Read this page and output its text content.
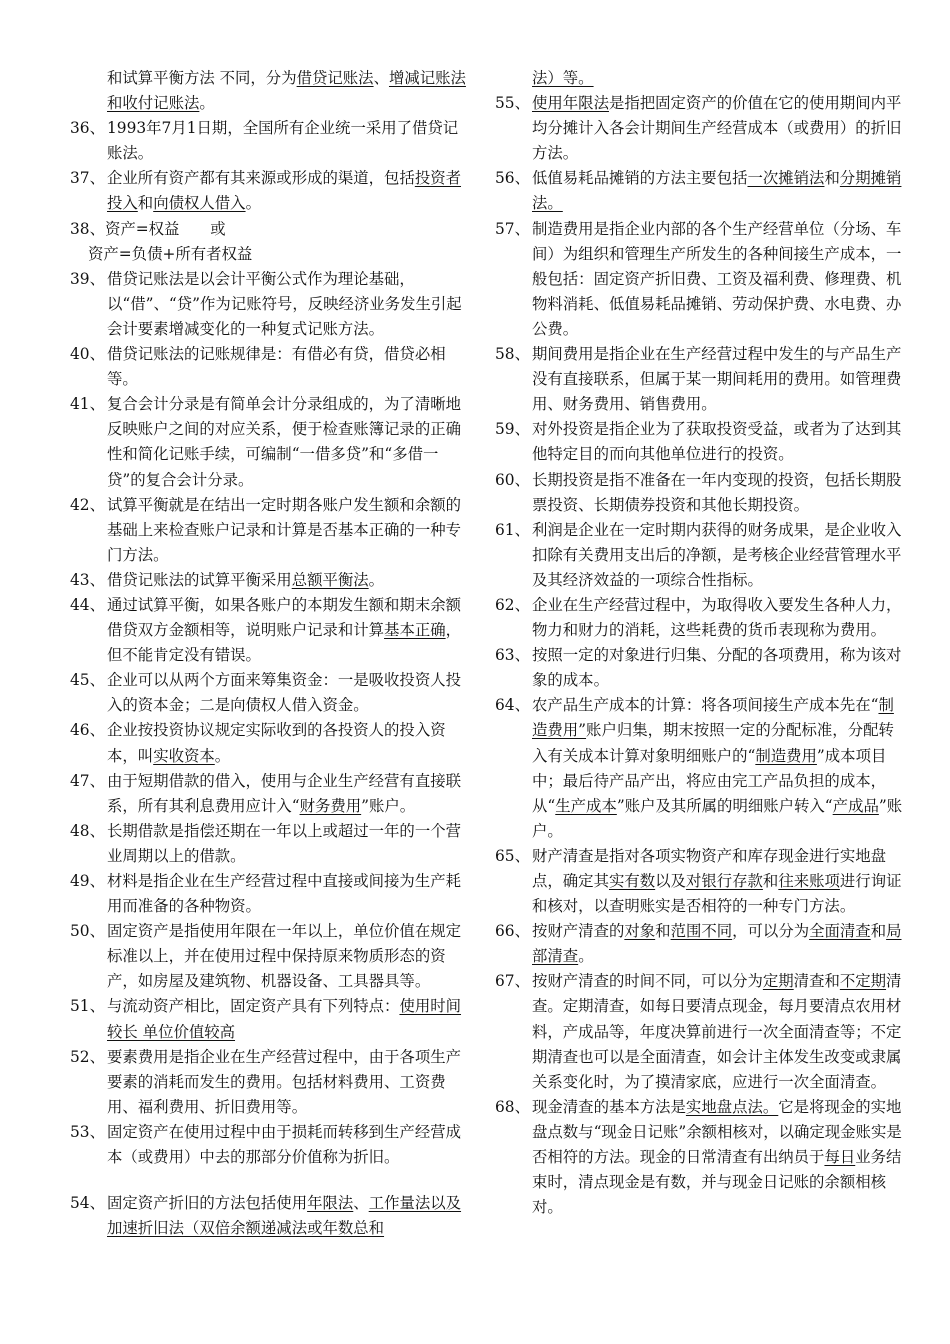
和试算平衡方法 不同，分为借贷记账法、增减记账法和收付记账法。
36、 1993年7月1日期，全国所有企业统一采用了借贷记账法。
37、 企业所有资产都有其来源或形成的渠道，包括投资者投入和向债权人借入。
38、资产=权益　　或
资产=负债+所有者权益
39、 借贷记账法是以会计平衡公式作为理论基础，以“借”、“贷”作为记账符号，反映经济业务发生引起会计要素增减变化的一种复式记账方法。
40、 借贷记账法的记账规律是：有借必有贷，借贷必相等。
41、 复合会计分录是有简单会计分录组成的，为了清晰地反映账户之间的对应关系，便于检查账簿记录的正确性和简化记账手续，可编制“一借多贷”和“多借一贷”的复合会计分录。
42、 试算平衡就是在结出一定时期各账户发生额和余额的基础上来检查账户记录和计算是否基本正确的一种专门方法。
43、 借贷记账法的试算平衡采用总额平衡法。
44、 通过试算平衡，如果各账户的本期发生额和期末余额借贷双方金额相等，说明账户记录和计算基本正确，但不能肯定没有错误。
45、 企业可以从两个方面来筹集资金：一是吸收投资人投入的资本金；二是向债权人借入资金。
46、 企业按投资协议规定实际收到的各投资人的投入资本，叫实收资本。
47、 由于短期借款的借入，使用与企业生产经营有直接联系，所有其利息费用应计入“财务费用”账户。
48、 长期借款是指偿还期在一年以上或超过一年的一个营业周期以上的借款。
49、 材料是指企业在生产经营过程中直接或间接为生产耗用而准备的各种物资。
50、 固定资产是指使用年限在一年以上，单位价值在规定标准以上，并在使用过程中保持原来物质形态的资产，如房屋及建筑物、机器设备、工具器具等。
51、 与流动资产相比，固定资产具有下列特点：使用时间较长 单位价值较高
52、 要素费用是指企业在生产经营过程中，由于各项生产要素的消耗而发生的费用。包括材料费用、工资费用、福利费用、折旧费用等。
53、 固定资产在使用过程中由于损耗而转移到生产经营成本（或费用）中去的那部分价值称为折旧。
54、 固定资产折旧的方法包括使用年限法、工作量法以及加速折旧法（双倍余额递减法或年数总和
法）等。
55、 使用年限法是指把固定资产的价值在它的使用期间内平均分摊计入各会计期间生产经营成本（或费用）的折旧方法。
56、 低值易耗品摊销的方法主要包括一次摊销法和分期摊销法。
57、 制造费用是指企业内部的各个生产经营单位（分场、车间）为组织和管理生产所发生的各种间接生产成本，一般包括：固定资产折旧费、工资及福利费、修理费、机物料消耗、低值易耗品摊销、劳动保护费、水电费、办公费。
58、 期间费用是指企业在生产经营过程中发生的与产品生产没有直接联系，但属于某一期间耗用的费用。如管理费用、财务费用、销售费用。
59、 对外投资是指企业为了获取投资受益，或者为了达到其他特定目的而向其他单位进行的投资。
60、 长期投资是指不准备在一年内变现的投资，包括长期股票投资、长期债券投资和其他长期投资。
61、 利润是企业在一定时期内获得的财务成果，是企业收入扣除有关费用支出后的净额，是考核企业经营管理水平及其经济效益的一项综合性指标。
62、 企业在生产经营过程中，为取得收入要发生各种人力，物力和财力的消耗，这些耗费的货币表现称为费用。
63、 按照一定的对象进行归集、分配的各项费用，称为该对象的成本。
64、 农产品生产成本的计算：将各项间接生产成本先在“制造费用”账户归集，期末按照一定的分配标准，分配转入有关成本计算对象明细账户的“制造费用”成本项目中；最后待产品产出，将应由完工产品负担的成本，从“生产成本”账户及其所属的明细账户转入“产成品”账户。
65、 财产清查是指对各项实物资产和库存现金进行实地盘点，确定其实有数以及对银行存款和往来账项进行询证和核对，以查明账实是否相符的一种专门方法。
66、 按财产清查的对象和范围不同，可以分为全面清查和局部清查。
67、 按财产清查的时间不同，可以分为定期清查和不定期清查。定期清查，如每日要清点现金，每月要清点农用材料，产成品等，年度决算前进行一次全面清查等；不定期清查也可以是全面清查，如会计主体发生改变或隶属关系变化时，为了摸清家底，应进行一次全面清查。
68、 现金清查的基本方法是实地盘点法。它是将现金的实地盘点数与“现金日记账”余额相核对，以确定现金账实是否相符的方法。现金的日常清查有出纳员于每日业务结束时，清点现金是有数，并与现金日记账的余额相核对。
